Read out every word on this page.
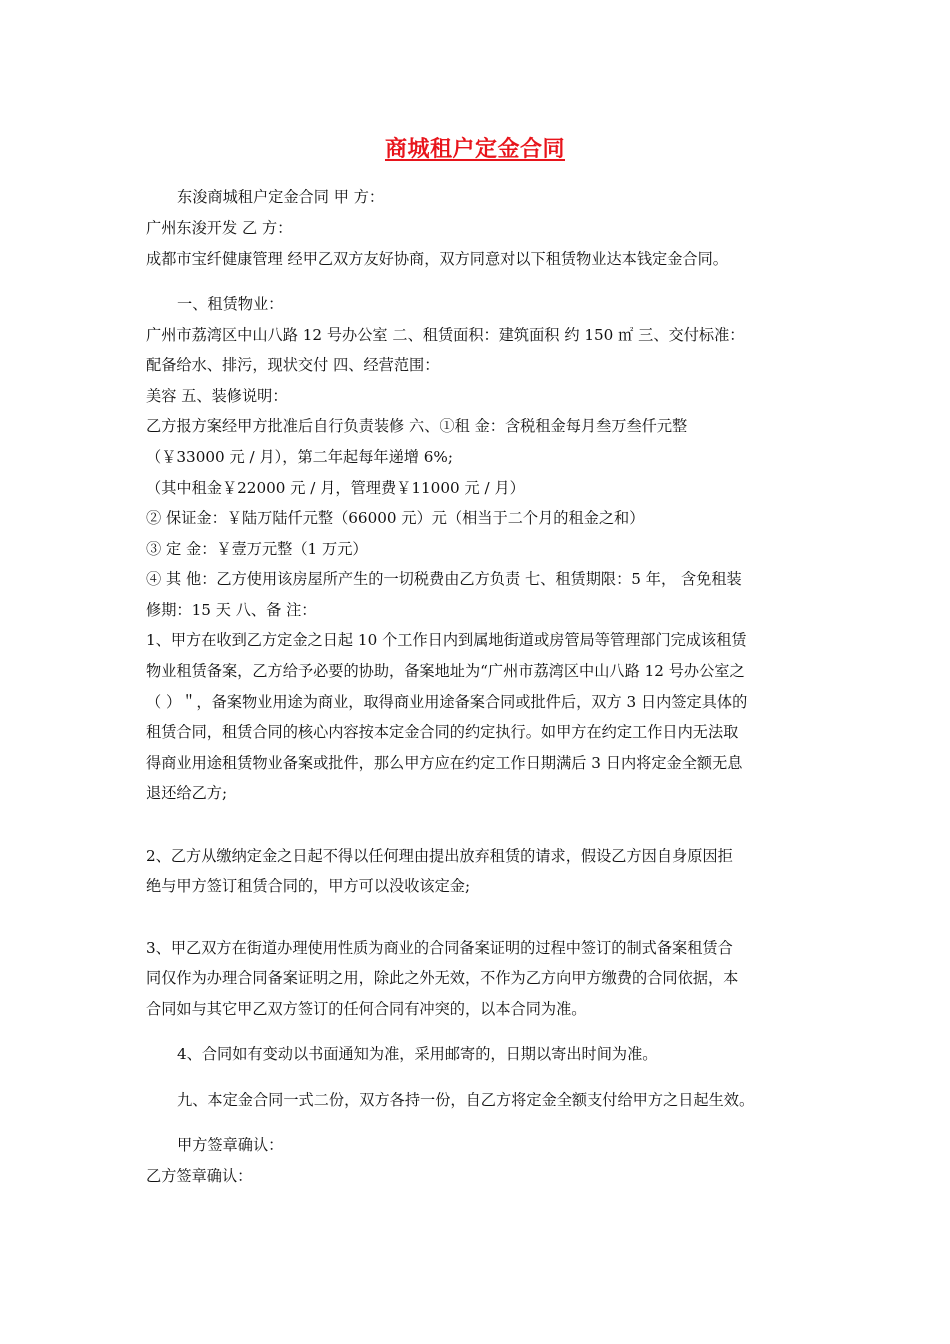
商城租户定金合同
东浚商城租户定金合同 甲 方：
广州东浚开发 乙 方：
成都市宝纤健康管理 经甲乙双方友好协商，双方同意对以下租赁物业达本钱定金合同。
一、租赁物业：
广州市荔湾区中山八路 12 号办公室 二、租赁面积：建筑面积 约 150 ㎡ 三、交付标准：
配备给水、排污，现状交付 四、经营范围：
美容 五、装修说明：
乙方报方案经甲方批准后自行负责装修 六、①租 金：含税租金每月叁万叁仟元整
（￥33000 元 / 月），第二年起每年递增 6%;
（其中租金￥22000 元 / 月，管理费￥11000 元 / 月）
② 保证金：￥陆万陆仟元整（66000 元）元（相当于二个月的租金之和）
③ 定 金：￥壹万元整（1 万元）
④ 其 他：乙方使用该房屋所产生的一切税费由乙方负责 七、租赁期限：5 年， 含免租装
修期：15 天 八、备 注：
1、甲方在收到乙方定金之日起 10 个工作日内到属地街道或房管局等管理部门完成该租赁
物业租赁备案，乙方给予必要的协助，备案地址为“广州市荔湾区中山八路 12 号办公室之
（ ）＂，备案物业用途为商业，取得商业用途备案合同或批件后，双方 3 日内签定具体的
租赁合同，租赁合同的核心内容按本定金合同的约定执行。如甲方在约定工作日内无法取
得商业用途租赁物业备案或批件，那么甲方应在约定工作日期满后 3 日内将定金全额无息
退还给乙方;
2、乙方从缴纳定金之日起不得以任何理由提出放弃租赁的请求，假设乙方因自身原因拒
绝与甲方签订租赁合同的，甲方可以没收该定金;
3、甲乙双方在街道办理使用性质为商业的合同备案证明的过程中签订的制式备案租赁合
同仅作为办理合同备案证明之用，除此之外无效，不作为乙方向甲方缴费的合同依据，本
合同如与其它甲乙双方签订的任何合同有冲突的，以本合同为准。
4、合同如有变动以书面通知为准，采用邮寄的，日期以寄出时间为准。
九、本定金合同一式二份，双方各持一份，自乙方将定金全额支付给甲方之日起生效。
甲方签章确认：
乙方签章确认：
